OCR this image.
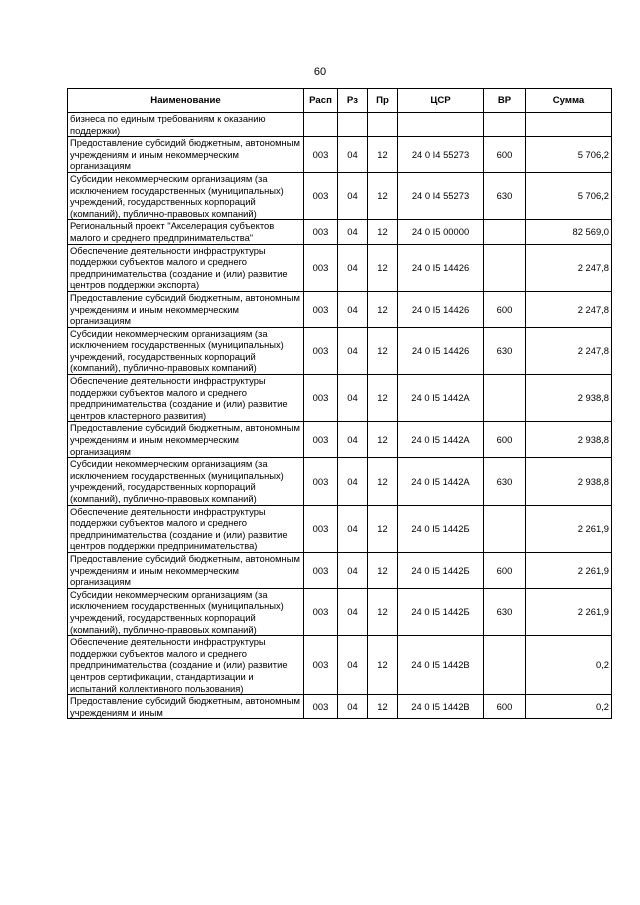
60
Наименование	Расп	Рз	Пр	ЦСР	ВР	Сумма
бизнеса по единым требованиям к оказанию поддержки)						
Предоставление субсидий бюджетным, автономным учреждениям и иным некоммерческим организациям	003	04	12	24 0 I4 55273	600	5 706,2
Субсидии некоммерческим организациям (за исключением государственных (муниципальных) учреждений, государственных корпораций (компаний), публично-правовых компаний)	003	04	12	24 0 I4 55273	630	5 706,2
Региональный проект "Акселерация субъектов малого и среднего предпринимательства"	003	04	12	24 0 I5 00000		82 569,0
Обеспечение деятельности инфраструктуры поддержки субъектов малого и среднего предпринимательства (создание и (или) развитие центров поддержки экспорта)	003	04	12	24 0 I5 14426		2 247,8
Предоставление субсидий бюджетным, автономным учреждениям и иным некоммерческим организациям	003	04	12	24 0 I5 14426	600	2 247,8
Субсидии некоммерческим организациям (за исключением государственных (муниципальных) учреждений, государственных корпораций (компаний), публично-правовых компаний)	003	04	12	24 0 I5 14426	630	2 247,8
Обеспечение деятельности инфраструктуры поддержки субъектов малого и среднего предпринимательства (создание и (или) развитие центров кластерного развития)	003	04	12	24 0 I5 1442А		2 938,8
Предоставление субсидий бюджетным, автономным учреждениям и иным некоммерческим организациям	003	04	12	24 0 I5 1442А	600	2 938,8
Субсидии некоммерческим организациям (за исключением государственных (муниципальных) учреждений, государственных корпораций (компаний), публично-правовых компаний)	003	04	12	24 0 I5 1442А	630	2 938,8
Обеспечение деятельности инфраструктуры поддержки субъектов малого и среднего предпринимательства (создание и (или) развитие центров поддержки предпринимательства)	003	04	12	24 0 I5 1442Б		2 261,9
Предоставление субсидий бюджетным, автономным учреждениям и иным некоммерческим организациям	003	04	12	24 0 I5 1442Б	600	2 261,9
Субсидии некоммерческим организациям (за исключением государственных (муниципальных) учреждений, государственных корпораций (компаний), публично-правовых компаний)	003	04	12	24 0 I5 1442Б	630	2 261,9
Обеспечение деятельности инфраструктуры поддержки субъектов малого и среднего предпринимательства (создание и (или) развитие центров сертификации, стандартизации и испытаний коллективного пользования)	003	04	12	24 0 I5 1442В		0,2
Предоставление субсидий бюджетным, автономным учреждениям и иным	003	04	12	24 0 I5 1442В	600	0,2
